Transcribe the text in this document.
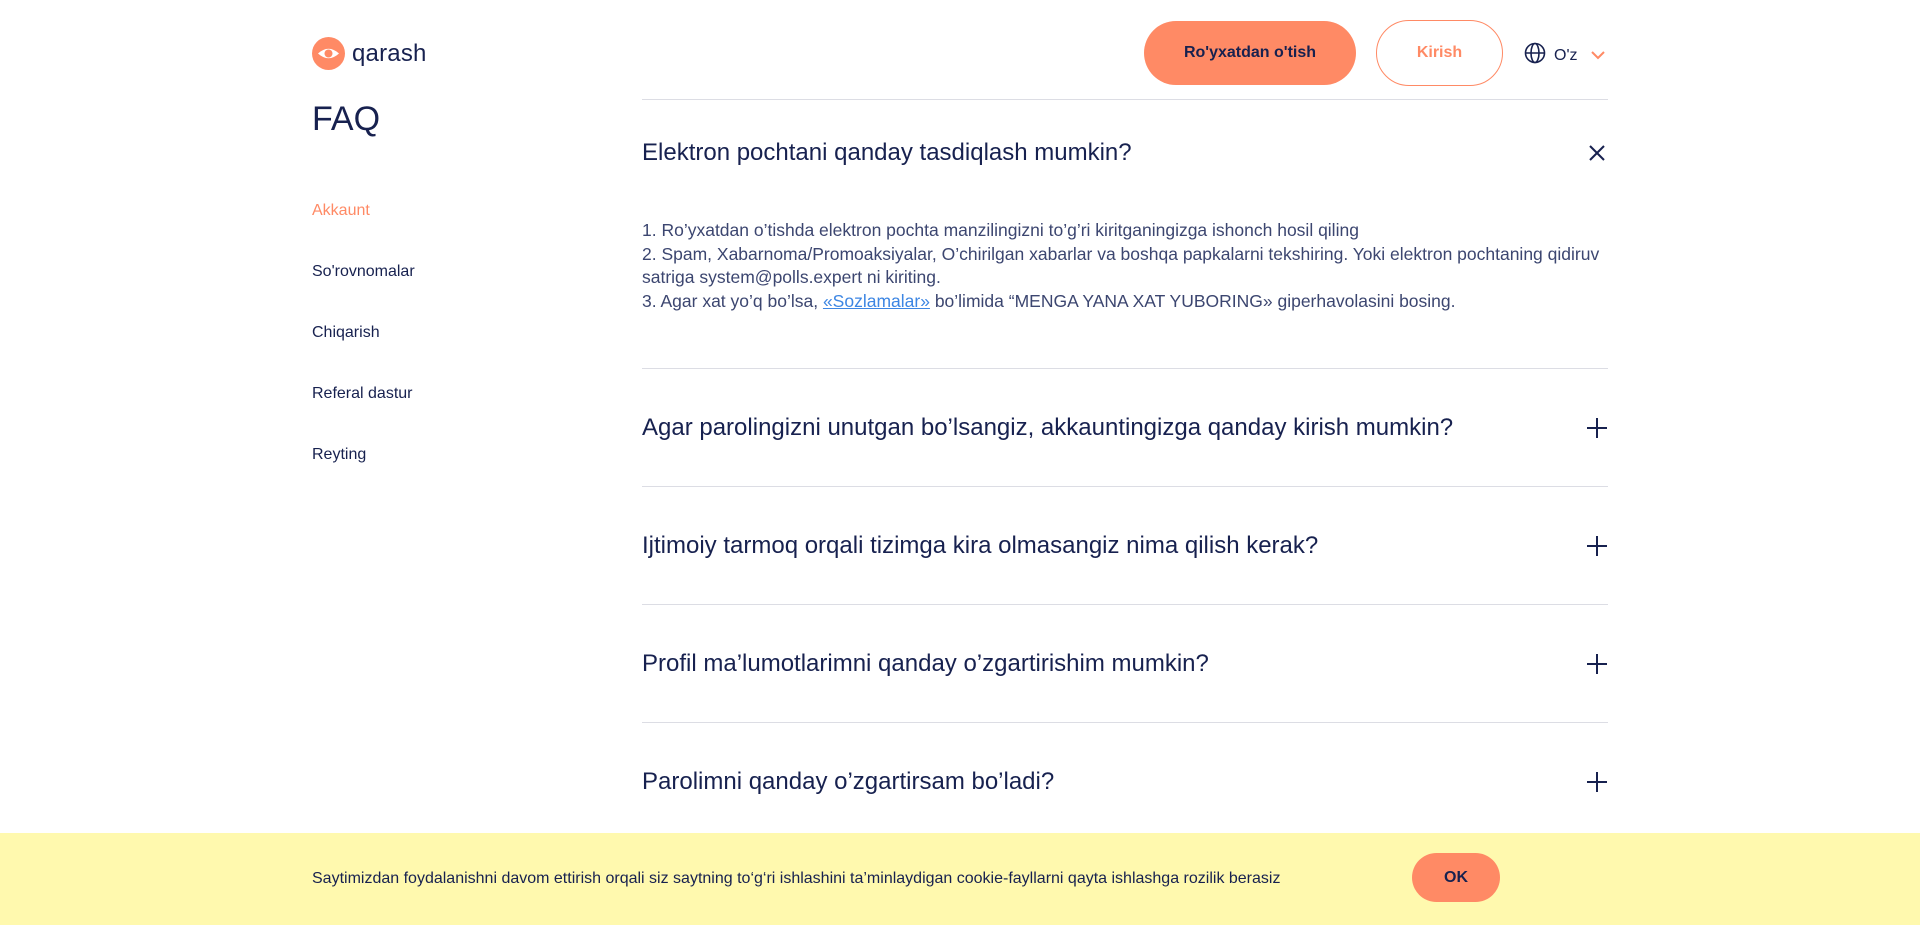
qarash	Ro'yxatdan o'tish	Kirish	O'z
FAQ
Akkaunt
So'rovnomalar
Chiqarish
Referal dastur
Reyting
Elektron pochtani qanday tasdiqlash mumkin?

1. Ro’yxatdan o’tishda elektron pochta manzilingizni to’g’ri kiritganingizga ishonch hosil qiling

2. Spam, Xabarnoma/Promoaksiyalar, O’chirilgan xabarlar va boshqa papkalarni tekshiring. Yoki elektron pochtaning qidiruv satriga system@polls.expert ni kiriting.

3. Agar xat yo’q bo’lsa, «Sozlamalar» bo’limida “MENGA YANA XAT YUBORING» giperhavolasini bosing.

Agar parolingizni unutgan bo’lsangiz, akkauntingizga qanday kirish mumkin?
Ijtimoiy tarmoq orqali tizimga kira olmasangiz nima qilish kerak?
Profil ma’lumotlarimni qanday o’zgartirishim mumkin?
Parolimni qanday o’zgartirsam bo’ladi?
Saytimizdan foydalanishni davom ettirish orqali siz saytning to‘g‘ri ishlashini ta’minlaydigan cookie-fayllarni qayta ishlashga rozilik berasiz	OK
